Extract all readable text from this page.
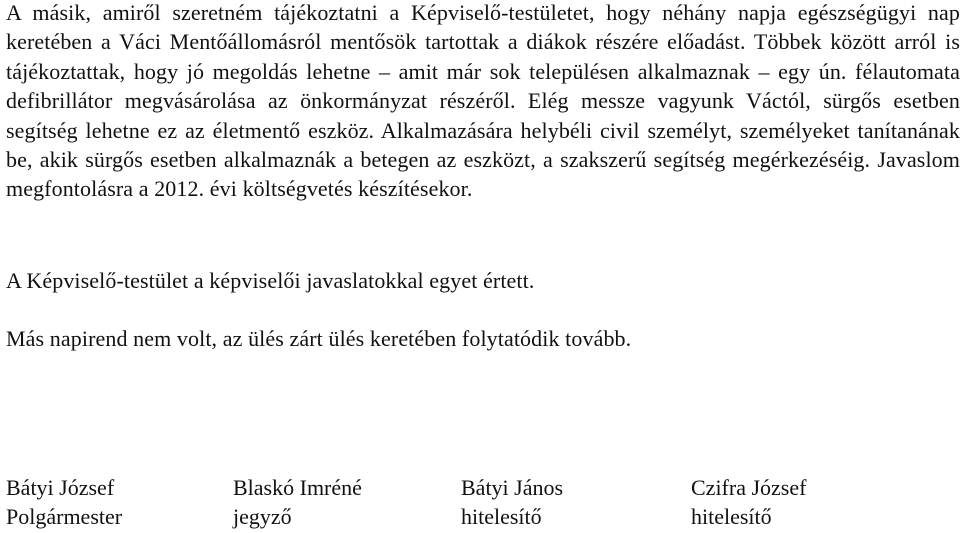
A másik, amiről szeretném tájékoztatni a Képviselő-testületet, hogy néhány napja egészségügyi nap keretében a Váci Mentőállomásról mentősök tartottak a diákok részére előadást. Többek között arról is tájékoztattak, hogy jó megoldás lehetne – amit már sok településen alkalmaznak – egy ún. félautomata defibrillátor megvásárolása az önkormányzat részéről. Elég messze vagyunk Váctól, sürgős esetben segítség lehetne ez az életmentő eszköz. Alkalmazására helybéli civil személyt, személyeket tanítanának be, akik sürgős esetben alkalmaznák a betegen az eszközt, a szakszerű segítség megérkezéséig. Javaslom megfontolásra a 2012. évi költségvetés készítésekor.

A Képviselő-testület a képviselői javaslatokkal egyet értett.

Más napirend nem volt, az ülés zárt ülés keretében folytatódik tovább.

Bátyi József
Polgármester
Blaskó Imréné
jegyző
Bátyi János
hitelesítő
Czifra József
hitelesítő
